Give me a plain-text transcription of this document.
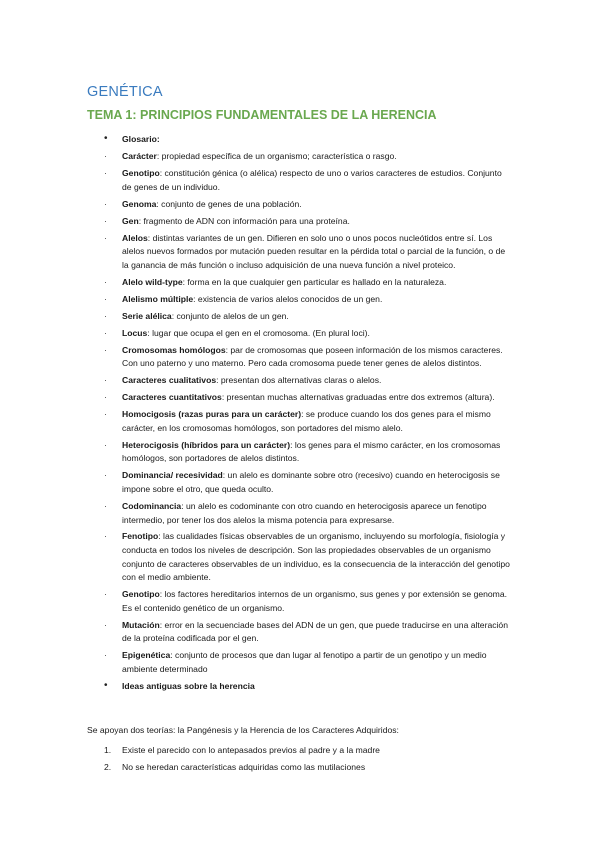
GENÉTICA
TEMA 1: PRINCIPIOS FUNDAMENTALES DE LA HERENCIA
•	Glosario:
·	Carácter: propiedad específica de un organismo; característica o rasgo.
·	Genotipo: constitución génica (o alélica) respecto de uno o varios caracteres de estudios. Conjunto de genes de un individuo.
·	Genoma: conjunto de genes de una población.
·	Gen: fragmento de ADN con información para una proteína.
·	Alelos: distintas variantes de un gen. Difieren en solo uno o unos pocos nucleótidos entre sí. Los alelos nuevos formados por mutación pueden resultar en la pérdida total o parcial de la función, o de la ganancia de más función o incluso adquisición de una nueva función a nivel proteico.
·	Alelo wild-type: forma en la que cualquier gen particular es hallado en la naturaleza.
·	Alelismo múltiple: existencia de varios alelos conocidos de un gen.
·	Serie alélica: conjunto de alelos de un gen.
·	Locus: lugar que ocupa el gen en el cromosoma. (En plural loci).
·	Cromosomas homólogos: par de cromosomas que poseen información de los mismos caracteres. Con uno paterno y uno materno. Pero cada cromosoma puede tener genes de alelos distintos.
·	Caracteres cualitativos: presentan dos alternativas claras o alelos.
·	Caracteres cuantitativos: presentan muchas alternativas graduadas entre dos extremos (altura).
·	Homocigosis (razas puras para un carácter): se produce cuando los dos genes para el mismo carácter, en los cromosomas homólogos, son portadores del mismo alelo.
·	Heterocigosis (híbridos para un carácter): los genes para el mismo carácter, en los cromosomas homólogos, son portadores de alelos distintos.
·	Dominancia/ recesividad: un alelo es dominante sobre otro (recesivo) cuando en heterocigosis se impone sobre el otro, que queda oculto.
·	Codominancia: un alelo es codominante con otro cuando en heterocigosis aparece un fenotipo intermedio, por tener los dos alelos la misma potencia para expresarse.
·	Fenotipo: las cualidades físicas observables de un organismo, incluyendo su morfología, fisiología y conducta en todos los niveles de descripción. Son las propiedades observables de un organismo conjunto de caracteres observables de un individuo, es la consecuencia de la interacción del genotipo con el medio ambiente.
·	Genotipo: los factores hereditarios internos de un organismo, sus genes y por extensión se genoma. Es el contenido genético de un organismo.
·	Mutación: error en la secuenciade bases del ADN de un gen, que puede traducirse en una alteración de la proteína codificada por el gen.
·	Epigenética: conjunto de procesos que dan lugar al fenotipo a partir de un genotipo y un medio ambiente determinado
•	Ideas antiguas sobre la herencia
Se apoyan dos teorías: la Pangénesis y la Herencia de los Caracteres Adquiridos:
1. Existe el parecido con lo antepasados previos al padre y a la madre
2. No se heredan características adquiridas como las mutilaciones
